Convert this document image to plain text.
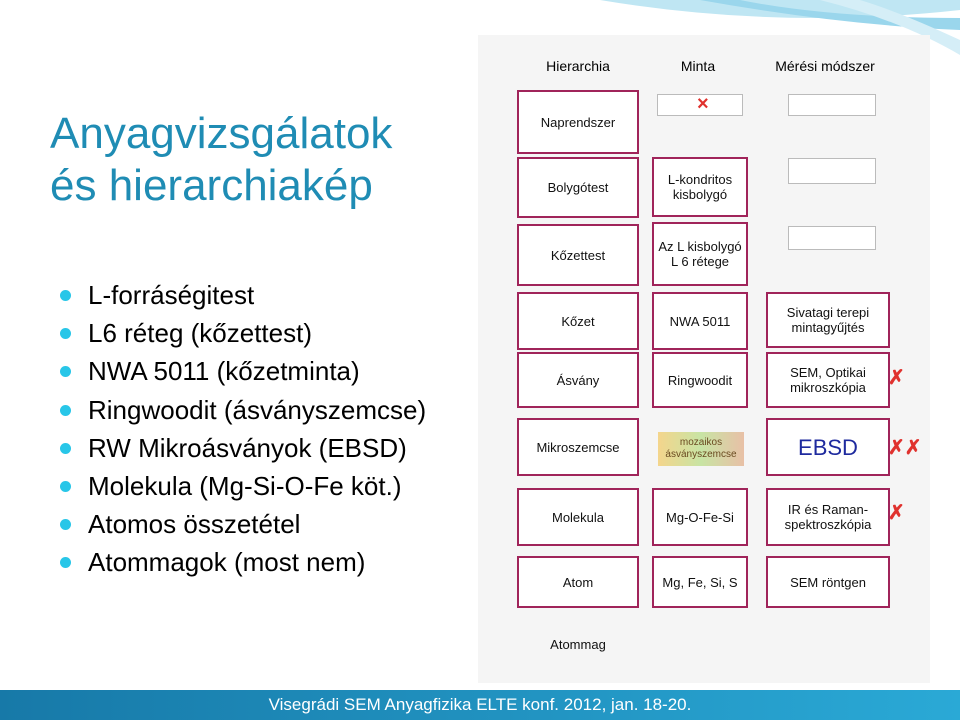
Anyagvizsgálatok
és hierarchiakép
L-forráségitest
L6 réteg (kőzettest)
NWA 5011 (kőzetminta)
Ringwoodit (ásványszemcse)
RW Mikroásványok (EBSD)
Molekula (Mg-Si-O-Fe köt.)
Atomos összetétel
Atommagok (most nem)
Hierarchia	Minta	Mérési módszer
Naprendszer
Bolygótest
Kőzettest
Kőzet
Ásvány
Mikroszemcse
Molekula
Atom
Atommag
×
L-kondritos kisbolygó
Az L kisbolygó L 6 rétege
NWA 5011
Ringwoodit
mozaikos ásványszemcse
Mg-O-Fe-Si
Mg, Fe, Si, S
Sivatagi terepi mintagyűjtés
SEM, Optikai mikroszkópia
EBSD
IR és Raman-spektroszkópia
SEM röntgen
✗
✗✗
✗
Visegrádi SEM Anyagfizika ELTE konf. 2012, jan. 18-20.
